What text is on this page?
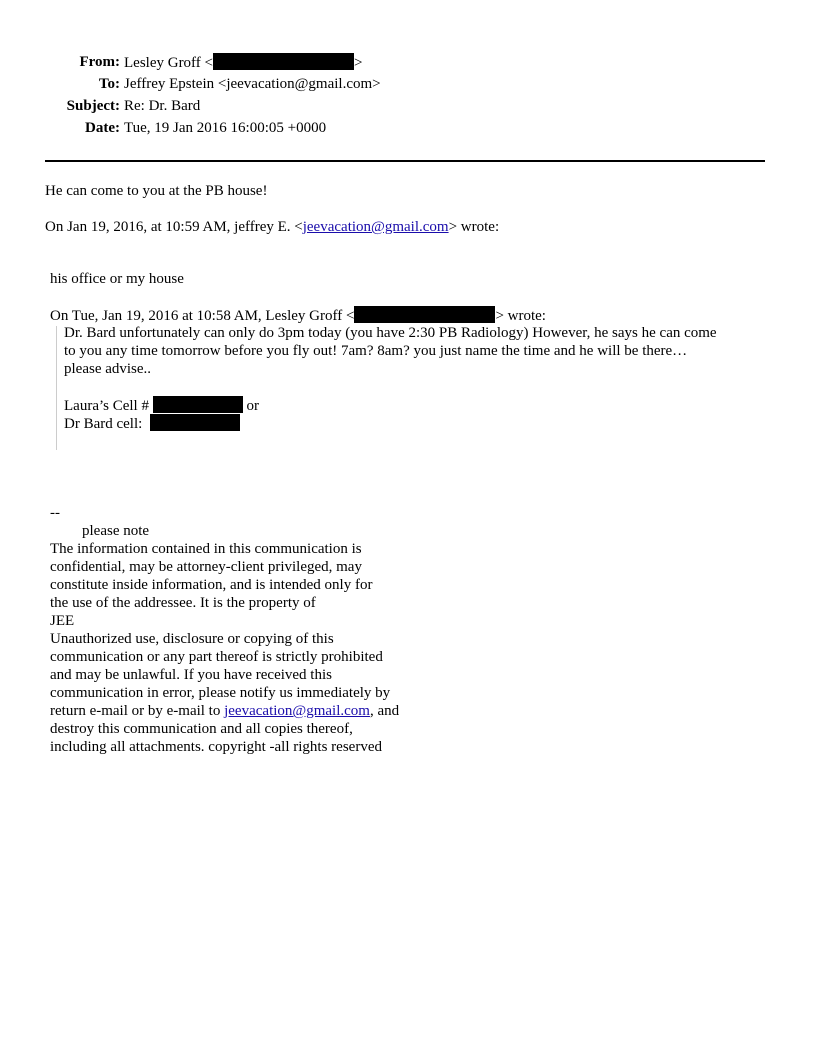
From: Lesley Groff <	>
To: Jeffrey Epstein <jeevacation@gmail.com>
Subject: Re: Dr. Bard
Date: Tue, 19 Jan 2016 16:00:05 +0000
He can come to you at the PB house!
On Jan 19, 2016, at 10:59 AM, jeffrey E. <jeevacation@gmail.com> wrote:
his office or my house
On Tue, Jan 19, 2016 at 10:58 AM, Lesley Groff <	> wrote:
Dr. Bard unfortunately can only do 3pm today (you have 2:30 PB Radiology) However, he says he can come
to you any time tomorrow before you fly out! 7am? 8am? you just name the time and he will be there…
please advise..
Laura’s Cell #	or
Dr Bard cell:
--
please note
The information contained in this communication is
confidential, may be attorney-client privileged, may
constitute inside information, and is intended only for
the use of the addressee. It is the property of
JEE
Unauthorized use, disclosure or copying of this
communication or any part thereof is strictly prohibited
and may be unlawful. If you have received this
communication in error, please notify us immediately by
return e-mail or by e-mail to jeevacation@gmail.com, and
destroy this communication and all copies thereof,
including all attachments. copyright -all rights reserved
